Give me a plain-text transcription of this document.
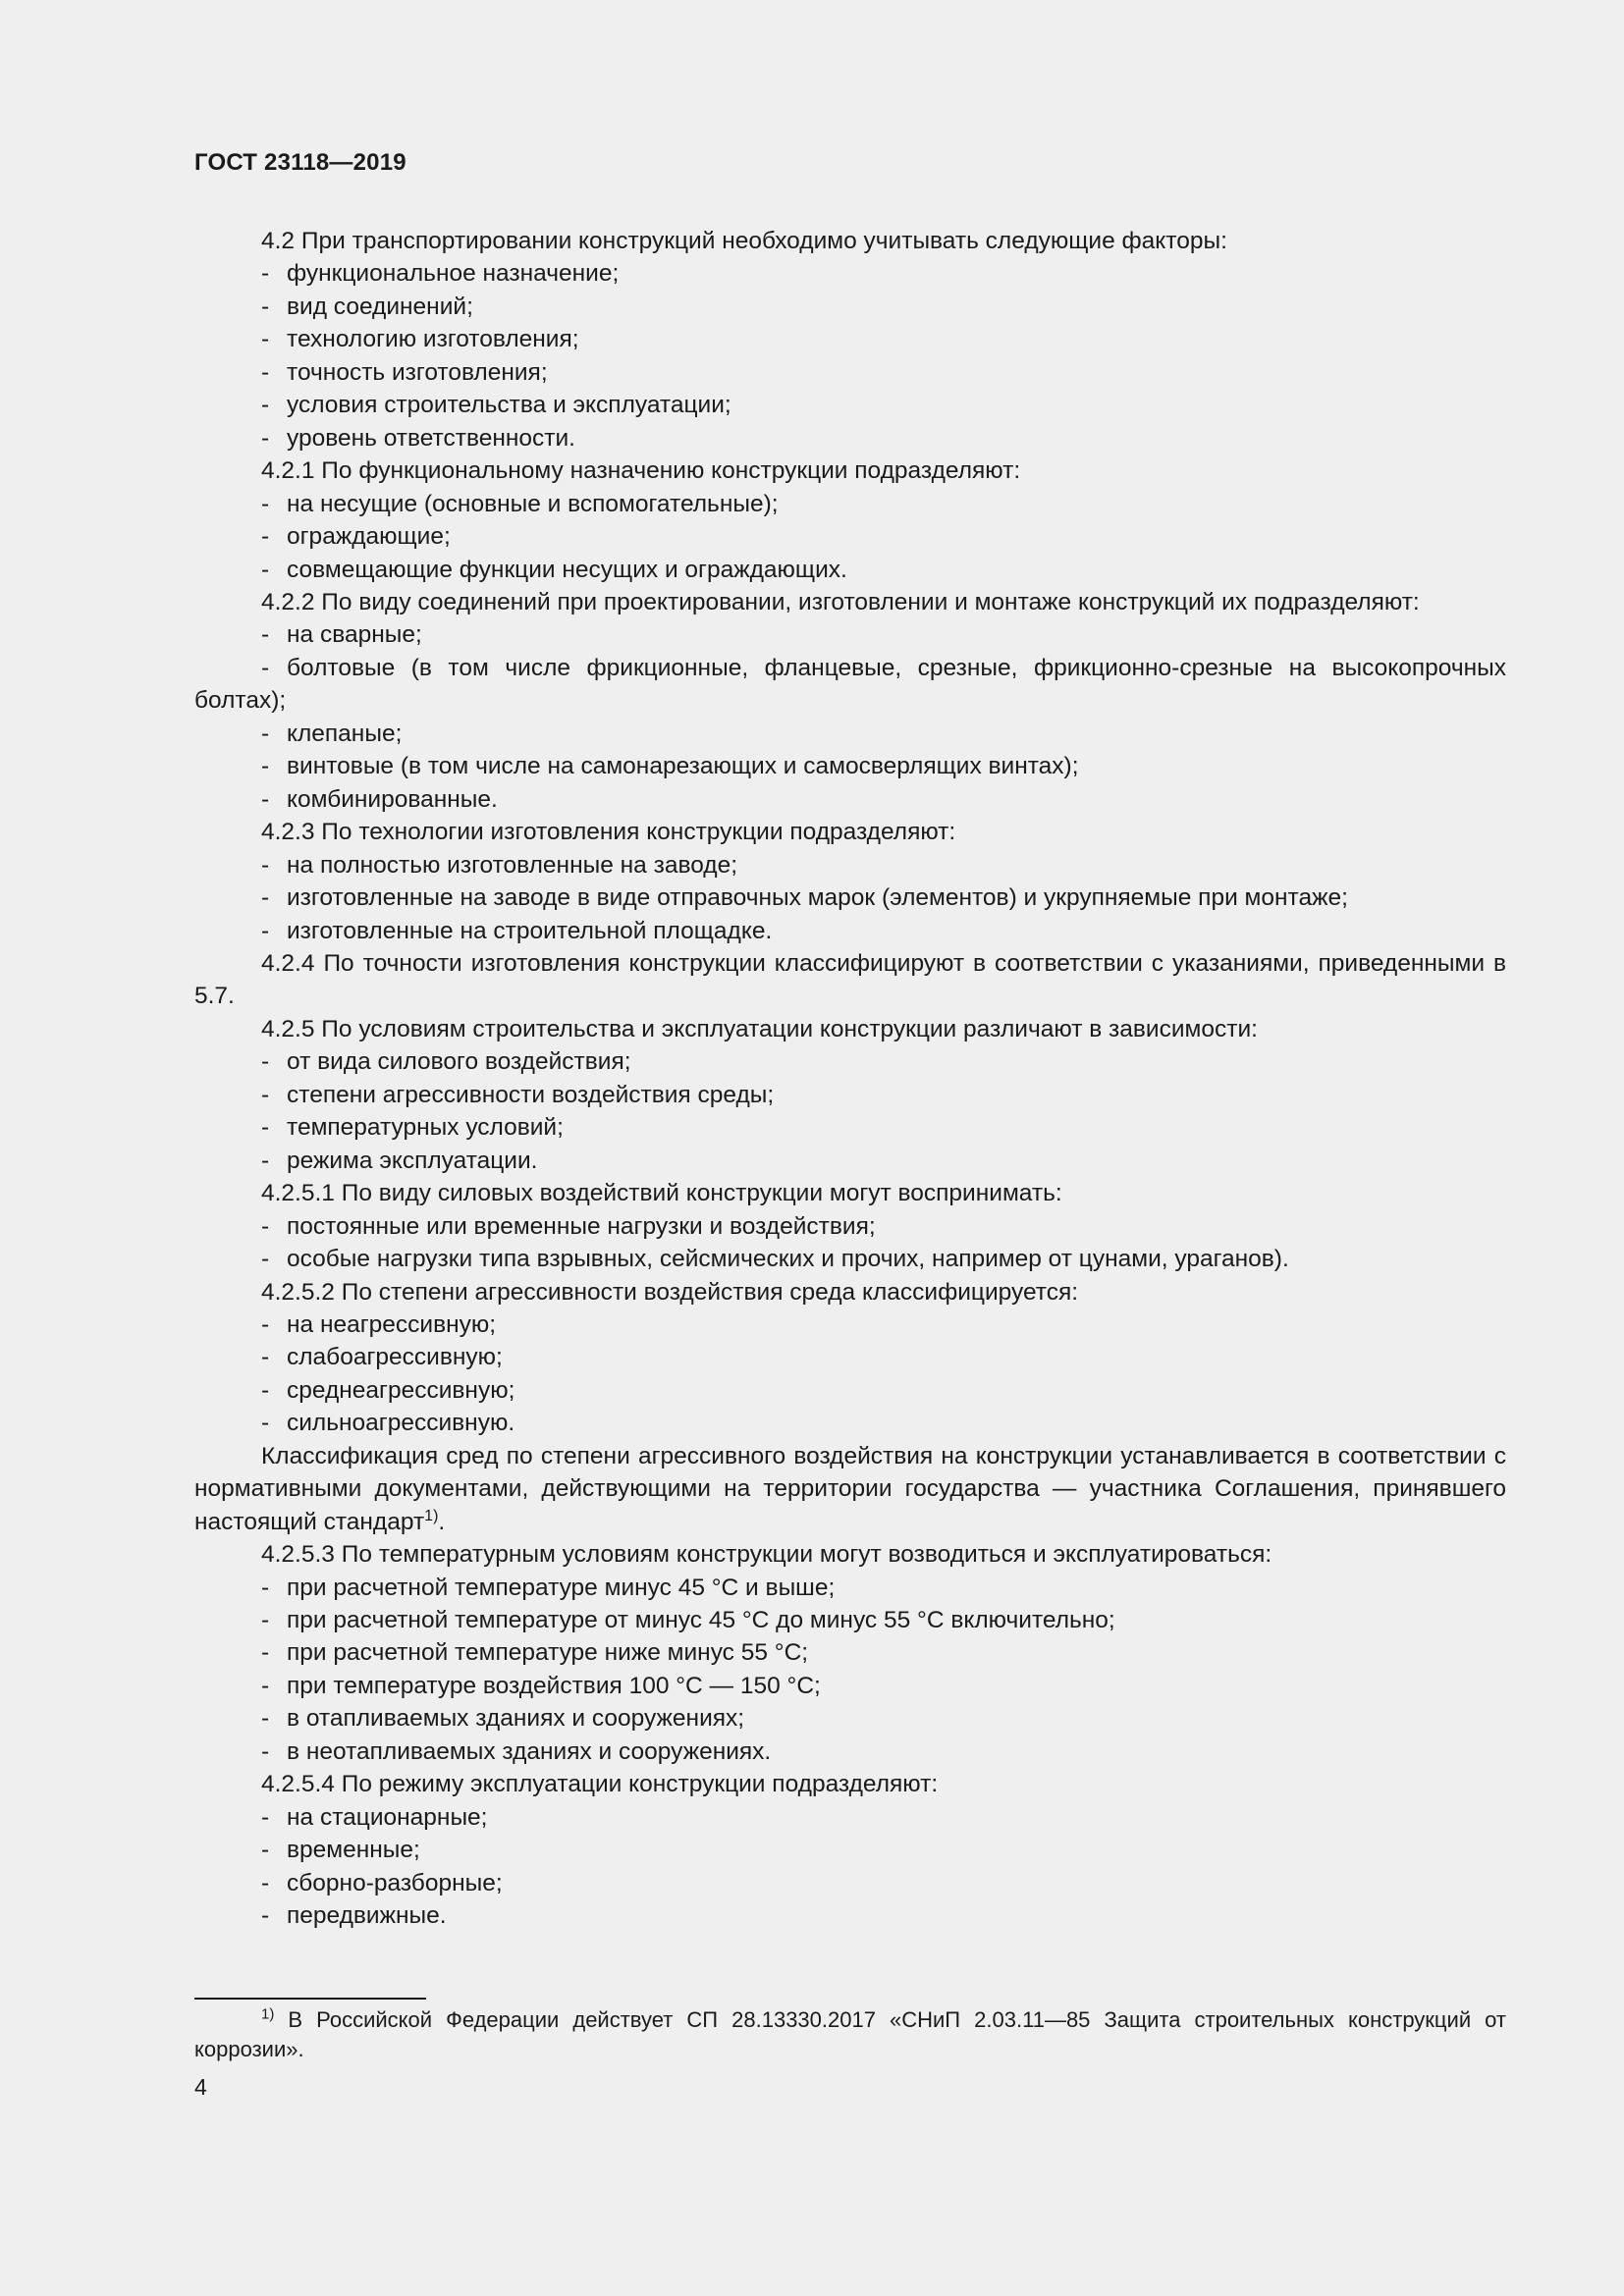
ГОСТ 23118—2019
4.2 При транспортировании конструкций необходимо учитывать следующие факторы:
- функциональное назначение;
- вид соединений;
- технологию изготовления;
- точность изготовления;
- условия строительства и эксплуатации;
- уровень ответственности.
4.2.1 По функциональному назначению конструкции подразделяют:
- на несущие (основные и вспомогательные);
- ограждающие;
- совмещающие функции несущих и ограждающих.
4.2.2 По виду соединений при проектировании, изготовлении и монтаже конструкций их подразделяют:
- на сварные;
- болтовые (в том числе фрикционные, фланцевые, срезные, фрикционно-срезные на высокопрочных болтах);
- клепаные;
- винтовые (в том числе на самонарезающих и самосверлящих винтах);
- комбинированные.
4.2.3 По технологии изготовления конструкции подразделяют:
- на полностью изготовленные на заводе;
- изготовленные на заводе в виде отправочных марок (элементов) и укрупняемые при монтаже;
- изготовленные на строительной площадке.
4.2.4 По точности изготовления конструкции классифицируют в соответствии с указаниями, приведенными в 5.7.
4.2.5 По условиям строительства и эксплуатации конструкции различают в зависимости:
- от вида силового воздействия;
- степени агрессивности воздействия среды;
- температурных условий;
- режима эксплуатации.
4.2.5.1 По виду силовых воздействий конструкции могут воспринимать:
- постоянные или временные нагрузки и воздействия;
- особые нагрузки типа взрывных, сейсмических и прочих, например от цунами, ураганов).
4.2.5.2 По степени агрессивности воздействия среда классифицируется:
- на неагрессивную;
- слабоагрессивную;
- среднеагрессивную;
- сильноагрессивную.
Классификация сред по степени агрессивного воздействия на конструкции устанавливается в соответствии с нормативными документами, действующими на территории государства — участника Соглашения, принявшего настоящий стандарт$^{1)}$.
4.2.5.3 По температурным условиям конструкции могут возводиться и эксплуатироваться:
- при расчетной температуре минус 45 °С и выше;
- при расчетной температуре от минус 45 °С до минус 55 °С включительно;
- при расчетной температуре ниже минус 55 °С;
- при температуре воздействия 100 °С — 150 °С;
- в отапливаемых зданиях и сооружениях;
- в неотапливаемых зданиях и сооружениях.
4.2.5.4 По режиму эксплуатации конструкции подразделяют:
- на стационарные;
- временные;
- сборно-разборные;
- передвижные.
$^{1)}$ В Российской Федерации действует СП 28.13330.2017 «СНиП 2.03.11—85 Защита строительных конструкций от коррозии».
4
